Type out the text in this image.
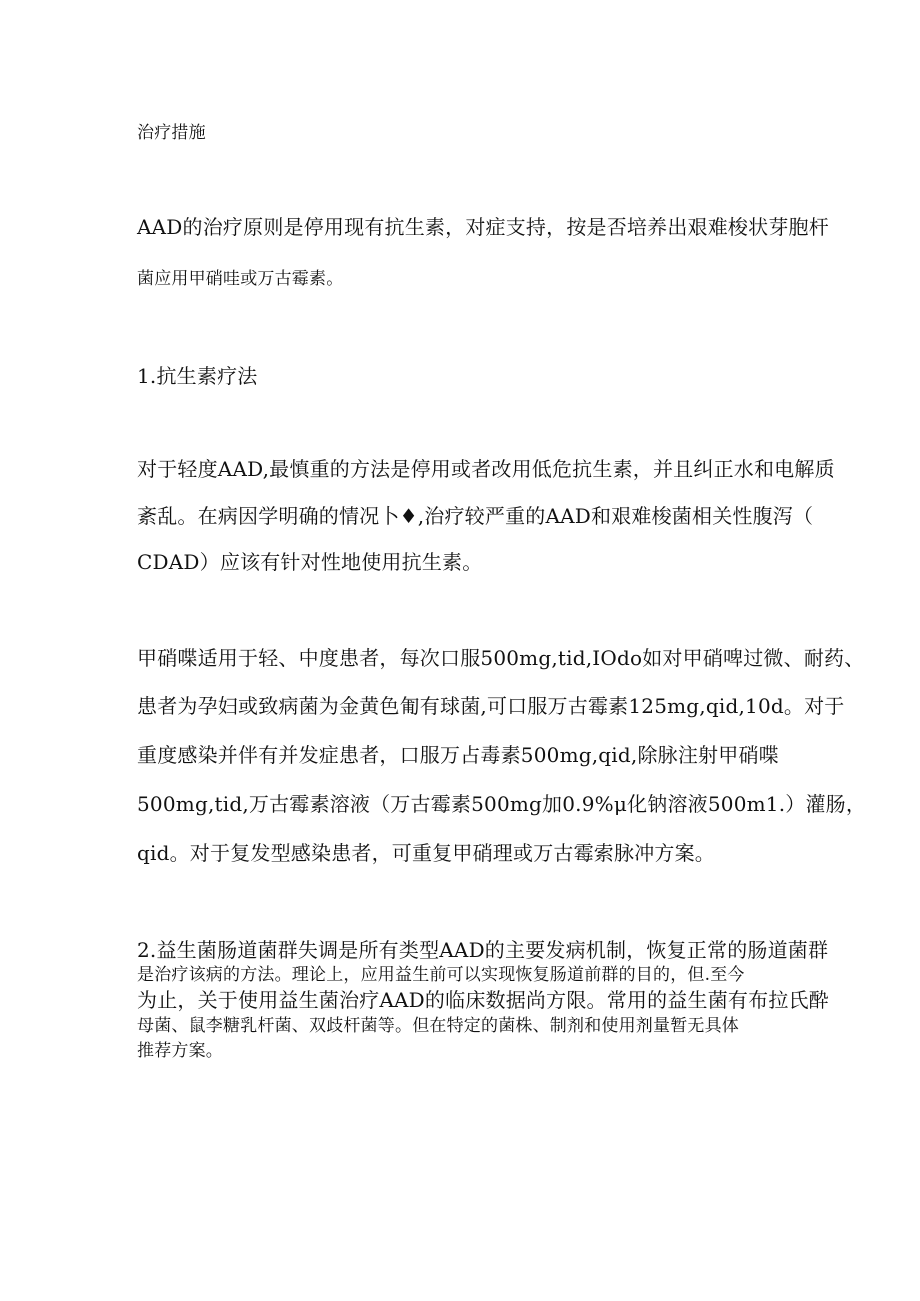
治疗措施
AAD的治疗原则是停用现有抗生素，对症支持，按是否培养出艰难梭状芽胞杆
菌应用甲硝哇或万古霉素。
1.抗生素疗法
对于轻度AAD,最慎重的方法是停用或者改用低危抗生素，并且纠正水和电解质
紊乱。在病因学明确的情况卜♦,治疗较严重的AAD和艰难梭菌相关性腹泻（
CDAD）应该有针对性地使用抗生素。
甲硝喋适用于轻、中度患者，每次口服500mg,tid,IOdo如对甲硝啤过微、耐药、
患者为孕妇或致病菌为金黄色匍有球菌,可口服万古霉素125mg,qid,10d。对于
重度感染并伴有并发症患者，口服万占毒素500mg,qid,除脉注射甲硝喋
500mg,tid,万古霉素溶液（万古霉素500mg加0.9%μ化钠溶液500m1.）灌肠，
qid。对于复发型感染患者，可重复甲硝理或万古霉索脉冲方案。
2.益生菌肠道菌群失调是所有类型AAD的主要发病机制，恢复正常的肠道菌群
是治疗该病的方法。理论上，应用益生前可以实现恢复肠道前群的目的，但.至今
为止，关于使用益生菌治疗AAD的临床数据尚方限。常用的益生菌有布拉氏酔
母菌、鼠李糖乳杆菌、双歧杆菌等。但在特定的菌株、制剂和使用剂量暂无具体
推荐方案。
